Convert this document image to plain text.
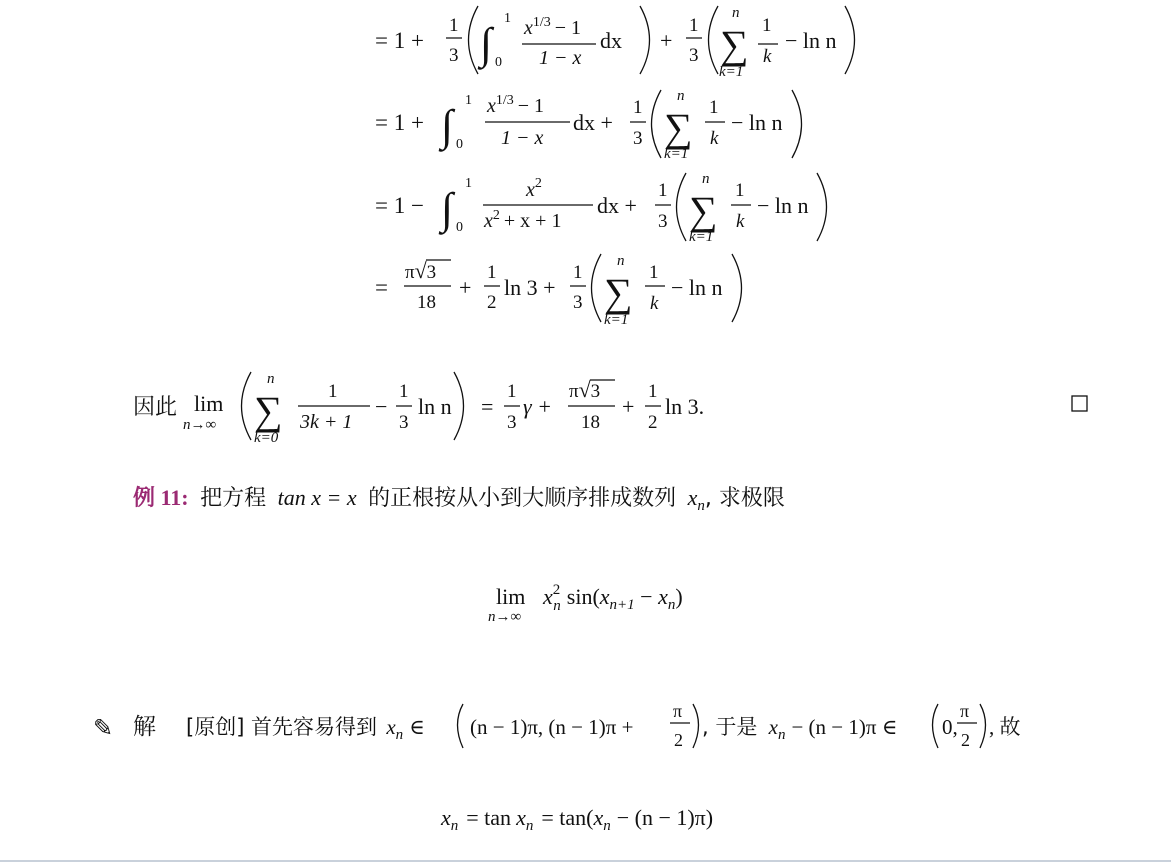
= 1 +
1
3 ∫
1
0
$x^{1/3} - 1$
1 − x
dx +
1
3 ∑
n
k=1
1
k
− ln n
= 1 + ∫
1
0
$x^{1/3} - 1$
1 − x
dx +
1
3 ∑
n
k=1
1
k
− ln n
= 1 − ∫
1
0
$x^2$
$x^2 + x + 1$
dx +
1
3 ∑
n
k=1
1
k
− ln n
=
π√3
18
+
1
2
ln 3 +
1
3 ∑
n
k=1
1
k
− ln n
因此 lim
n→∞ ∑
n
k=0
1
3k + 1
−
1
3
ln n =
1
3
γ +
π√3
18
+
1
2
ln 3.
例 11: 把方程 tan x = x 的正根按从小到大顺序排成数列 $x_n$, 求极限
lim
n→∞
$x^2$ n $\sin(x_{n+1} - x_n)$
✎ 解 [原创] 首先容易得到 $x_n$ ∈ (n − 1)π, (n − 1)π +
π
2
, 于是 $x_n - (n - 1)\pi$ ∈ 0,
π
2
, 故
$x_n = \tan x_n = \tan(x_n - (n - 1)\pi)$
